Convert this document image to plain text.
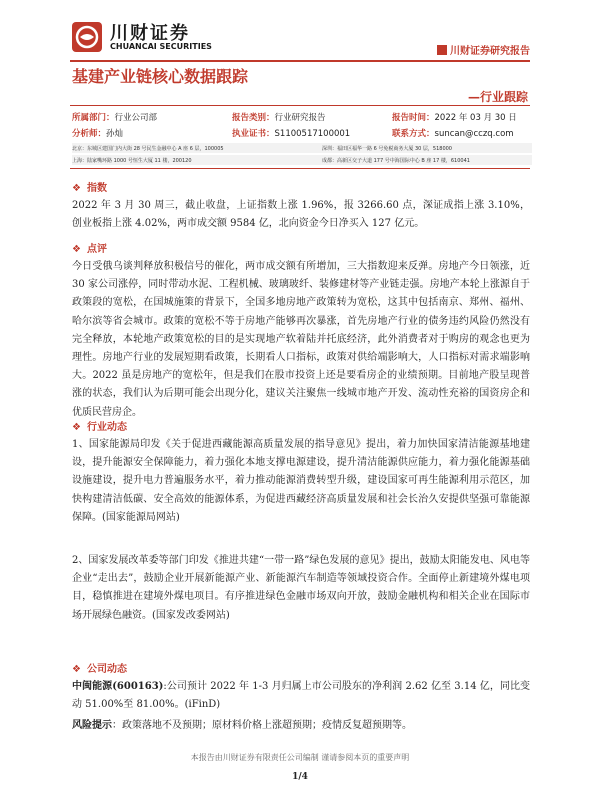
川财证券
CHUANCAI SECURITIES	川财证券研究报告
基建产业链核心数据跟踪
—行业跟踪
所属部门：行业公司部	报告类别：行业研究报告	报告时间：2022 年 03 月 30 日
分析师：孙灿	执业证书：S1100517100001	联系方式：suncan@cczq.com
北京：东城区建国门内大街 28 号民生金融中心 A 座 6 层，100005	深圳：福田区福华一路 6 号免税商务大厦 30 层，518000
上海：陆家嘴环路 1000 号恒生大厦 11 楼，200120	成都：高新区交子大道 177 号中海国际中心 B 座 17 楼，610041
❖ 指数

2022 年 3 月 30 周三，截止收盘，上证指数上涨 1.96%，报 3266.60 点，深证成指上涨 3.10%，创业板指上涨 4.02%，两市成交额 9584 亿，北向资金今日净买入 127 亿元。

❖ 点评

今日受俄乌谈判释放积极信号的催化，两市成交额有所增加，三大指数迎来反弹。房地产今日领涨，近 30 家公司涨停，同时带动水泥、工程机械、玻璃玻纤、装修建材等产业链走强。房地产本轮上涨源自于政策段的宽松，在国城施策的背景下，全国多地房地产政策转为宽松，这其中包括南京、郑州、福州、哈尔滨等省会城市。政策的宽松不等于房地产能够再次暴涨，首先房地产行业的债务违约风险仍然没有完全释放，本轮地产政策宽松的目的是实现地产软着陆并托底经济，此外消费者对于购房的观念也更为理性。房地产行业的发展短期看政策，长期看人口指标，政策对供给端影响大，人口指标对需求端影响大。2022 虽是房地产的宽松年，但是我们在股市投资上还是要看房企的业绩预期。目前地产股呈现普涨的状态，我们认为后期可能会出现分化，建议关注聚焦一线城市地产开发、流动性充裕的国资房企和优质民营房企。

❖ 行业动态

1、国家能源局印发《关于促进西藏能源高质量发展的指导意见》提出，着力加快国家清洁能源基地建设，提升能源安全保障能力，着力强化本地支撑电源建设，提升清洁能源供应能力，着力强化能源基础设施建设，提升电力普遍服务水平，着力推动能源消费转型升级，建设国家可再生能源利用示范区，加快构建清洁低碳、安全高效的能源体系，为促进西藏经济高质量发展和社会长治久安提供坚强可靠能源保障。(国家能源局网站)

2、国家发展改革委等部门印发《推进共建“一带一路”绿色发展的意见》提出，鼓励太阳能发电、风电等企业“走出去”，鼓励企业开展新能源产业、新能源汽车制造等领域投资合作。全面停止新建境外煤电项目，稳慎推进在建境外煤电项目。有序推进绿色金融市场双向开放，鼓励金融机构和相关企业在国际市场开展绿色融资。(国家发改委网站)

❖ 公司动态

中闽能源(600163):公司预计 2022 年 1-3 月归属上市公司股东的净利润 2.62 亿至 3.14 亿，同比变动 51.00%至 81.00%。(iFinD)

风险提示：政策落地不及预期；原材料价格上涨超预期；疫情反复超预期等。

本报告由川财证券有限责任公司编制 谨请参阅本页的重要声明
1/4
